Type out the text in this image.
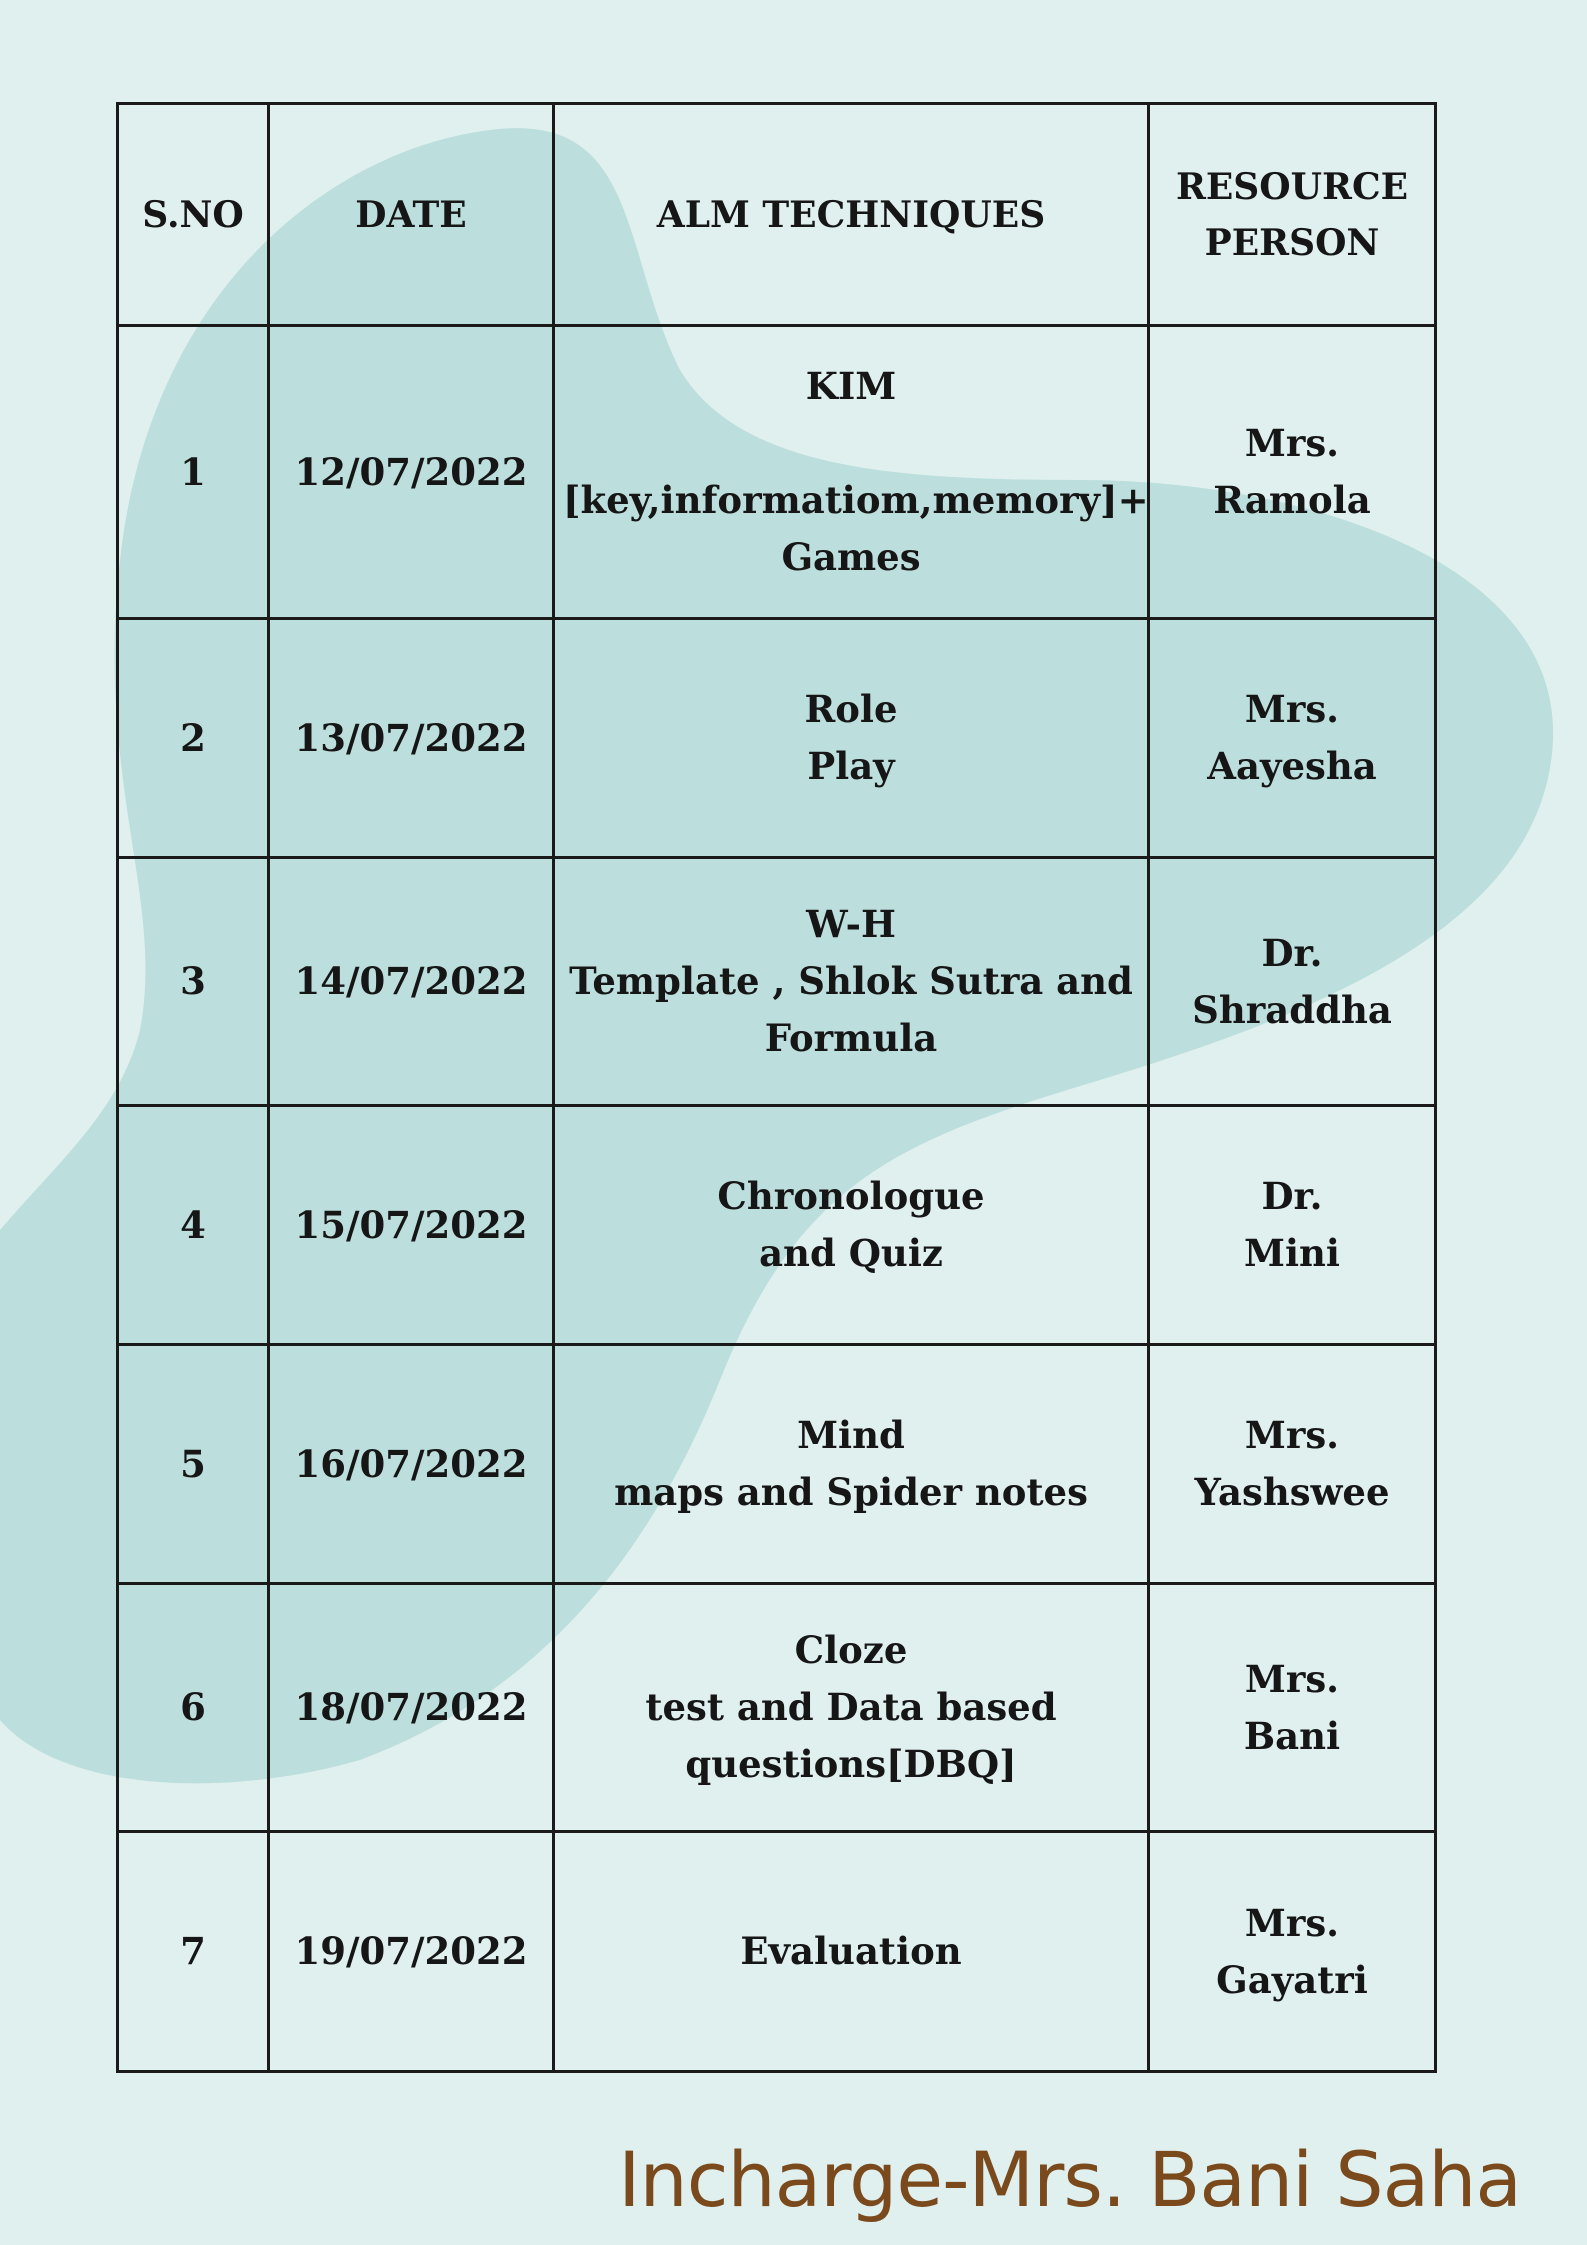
S.NO	DATE	ALM TECHNIQUES	RESOURCE
PERSON
1	12/07/2022	KIM

[key,informatiom,memory]+
Games	Mrs.
Ramola
2	13/07/2022	Role
Play	Mrs.
Aayesha
3	14/07/2022	W-H
Template , Shlok Sutra and
Formula	Dr.
Shraddha
4	15/07/2022	Chronologue
and Quiz	Dr.
Mini
5	16/07/2022	Mind
maps and Spider notes	Mrs.
Yashswee
6	18/07/2022	Cloze
test and Data based
questions[DBQ]	Mrs.
Bani
7	19/07/2022	Evaluation	Mrs.
Gayatri
Incharge-Mrs. Bani Saha
